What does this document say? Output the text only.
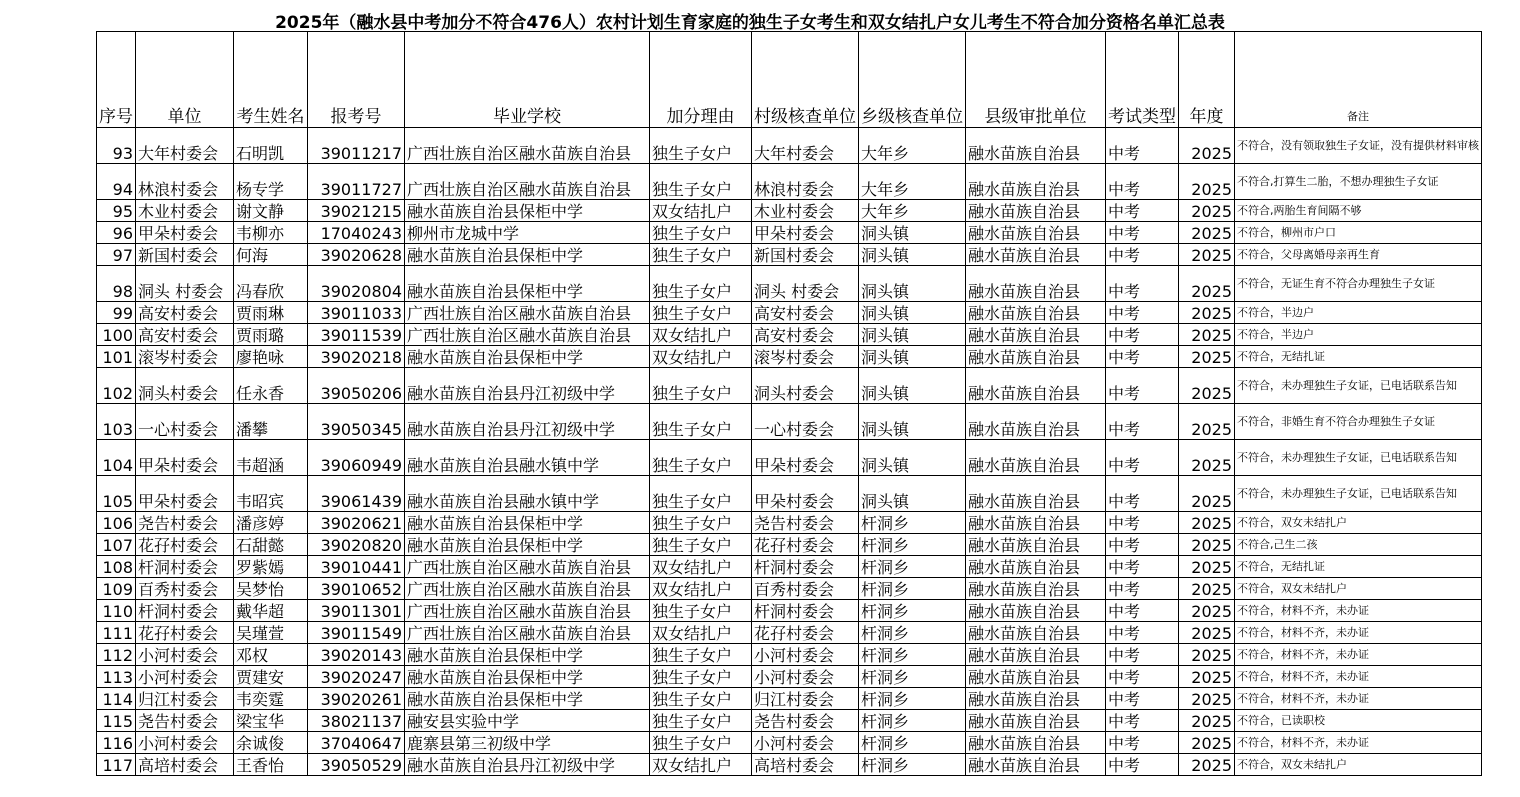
2025年（融水县中考加分不符合476人）农村计划生育家庭的独生子女考生和双女结扎户女儿考生不符合加分资格名单汇总表
序号	单位	考生姓名	报考号	毕业学校	加分理由	村级核查单位	乡级核查单位	县级审批单位	考试类型	年度	备注
93	大年村委会	石明凯	39011217	广西壮族自治区融水苗族自治县	独生子女户	大年村委会	大年乡	融水苗族自治县	中考	2025	不符合，没有领取独生子女证，没有提供材料审核
94	林浪村委会	杨专学	39011727	广西壮族自治区融水苗族自治县	独生子女户	林浪村委会	大年乡	融水苗族自治县	中考	2025	不符合,打算生二胎，不想办理独生子女证
95	木业村委会	谢文静	39021215	融水苗族自治县保柜中学	双女结扎户	木业村委会	大年乡	融水苗族自治县	中考	2025	不符合,两胎生育间隔不够
96	甲朵村委会	韦柳亦	17040243	柳州市龙城中学	独生子女户	甲朵村委会	洞头镇	融水苗族自治县	中考	2025	不符合，柳州市户口
97	新国村委会	何海	39020628	融水苗族自治县保柜中学	独生子女户	新国村委会	洞头镇	融水苗族自治县	中考	2025	不符合，父母离婚母亲再生育
98	洞头 村委会	冯春欣	39020804	融水苗族自治县保柜中学	独生子女户	洞头 村委会	洞头镇	融水苗族自治县	中考	2025	不符合，无证生育不符合办理独生子女证
99	高安村委会	贾雨琳	39011033	广西壮族自治区融水苗族自治县	独生子女户	高安村委会	洞头镇	融水苗族自治县	中考	2025	不符合，半边户
100	高安村委会	贾雨璐	39011539	广西壮族自治区融水苗族自治县	双女结扎户	高安村委会	洞头镇	融水苗族自治县	中考	2025	不符合，半边户
101	滚岑村委会	廖艳咏	39020218	融水苗族自治县保柜中学	双女结扎户	滚岑村委会	洞头镇	融水苗族自治县	中考	2025	不符合，无结扎证
102	洞头村委会	任永香	39050206	融水苗族自治县丹江初级中学	独生子女户	洞头村委会	洞头镇	融水苗族自治县	中考	2025	不符合，未办理独生子女证，已电话联系告知
103	一心村委会	潘攀	39050345	融水苗族自治县丹江初级中学	独生子女户	一心村委会	洞头镇	融水苗族自治县	中考	2025	不符合，非婚生育不符合办理独生子女证
104	甲朵村委会	韦超涵	39060949	融水苗族自治县融水镇中学	独生子女户	甲朵村委会	洞头镇	融水苗族自治县	中考	2025	不符合，未办理独生子女证，已电话联系告知
105	甲朵村委会	韦昭宾	39061439	融水苗族自治县融水镇中学	独生子女户	甲朵村委会	洞头镇	融水苗族自治县	中考	2025	不符合，未办理独生子女证，已电话联系告知
106	尧告村委会	潘彦婷	39020621	融水苗族自治县保柜中学	独生子女户	尧告村委会	杆洞乡	融水苗族自治县	中考	2025	不符合，双女未结扎户
107	花孖村委会	石甜懿	39020820	融水苗族自治县保柜中学	独生子女户	花孖村委会	杆洞乡	融水苗族自治县	中考	2025	不符合,己生二孩
108	杆洞村委会	罗紫嫣	39010441	广西壮族自治区融水苗族自治县	双女结扎户	杆洞村委会	杆洞乡	融水苗族自治县	中考	2025	不符合，无结扎证
109	百秀村委会	吴梦怡	39010652	广西壮族自治区融水苗族自治县	双女结扎户	百秀村委会	杆洞乡	融水苗族自治县	中考	2025	不符合，双女未结扎户
110	杆洞村委会	戴华超	39011301	广西壮族自治区融水苗族自治县	独生子女户	杆洞村委会	杆洞乡	融水苗族自治县	中考	2025	不符合，材料不齐，未办证
111	花孖村委会	吴瑾萱	39011549	广西壮族自治区融水苗族自治县	双女结扎户	花孖村委会	杆洞乡	融水苗族自治县	中考	2025	不符合，材料不齐，未办证
112	小河村委会	邓权	39020143	融水苗族自治县保柜中学	独生子女户	小河村委会	杆洞乡	融水苗族自治县	中考	2025	不符合，材料不齐，未办证
113	小河村委会	贾建安	39020247	融水苗族自治县保柜中学	独生子女户	小河村委会	杆洞乡	融水苗族自治县	中考	2025	不符合，材料不齐，未办证
114	归江村委会	韦奕霆	39020261	融水苗族自治县保柜中学	独生子女户	归江村委会	杆洞乡	融水苗族自治县	中考	2025	不符合，材料不齐，未办证
115	尧告村委会	梁宝华	38021137	融安县实验中学	独生子女户	尧告村委会	杆洞乡	融水苗族自治县	中考	2025	不符合，已读职校
116	小河村委会	余诚俊	37040647	鹿寨县第三初级中学	独生子女户	小河村委会	杆洞乡	融水苗族自治县	中考	2025	不符合，材料不齐，未办证
117	高培村委会	王香怡	39050529	融水苗族自治县丹江初级中学	双女结扎户	高培村委会	杆洞乡	融水苗族自治县	中考	2025	不符合，双女未结扎户
